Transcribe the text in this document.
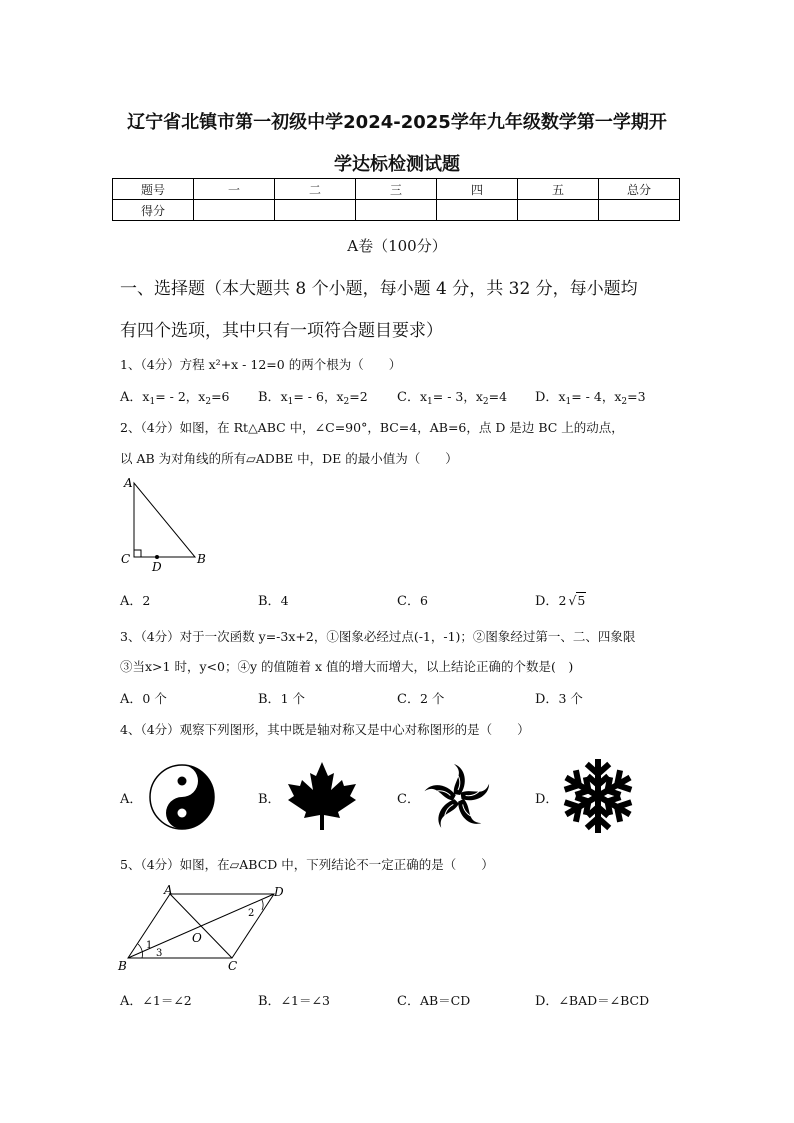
辽宁省北镇市第一初级中学2024-2025学年九年级数学第一学期开
学达标检测试题
题号	一	二	三	四	五	总分
得分						
A卷（100分）
一、选择题（本大题共 8 个小题，每小题 4 分，共 32 分，每小题均
有四个选项，其中只有一项符合题目要求）
1、（4分）方程 x²+x - 12=0 的两个根为（　　）
A．$x_1= - 2$，$x_2=6$ B．$x_1= - 6$，$x_2=2$ C．$x_1= - 3$，$x_2=4$ D．$x_1= - 4$，$x_2=3$
2、（4分）如图，在 Rt△ABC 中，∠C=90°，BC=4，AB=6，点 D 是边 BC 上的动点，
以 AB 为对角线的所有▱ADBE 中，DE 的最小值为（　　）
A
C	B
D
A．2	B．4	C．6	D．2 √5
3、（4分）对于一次函数 y=-3x+2，①图象必经过点(-1，-1)；②图象经过第一、二、四象限
③当x>1 时，y<0；④y 的值随着 x 值的增大而增大，以上结论正确的个数是(　)
A．0 个	B．1 个	C．2 个	D．3 个
4、（4分）观察下列图形，其中既是轴对称又是中心对称图形的是（　　）
A．	B．	C．	D．
5、（4分）如图，在▱ABCD 中，下列结论不一定正确的是（　　）
A	D
B	C
O
1
2
3
A．∠1＝∠2	B．∠1＝∠3	C．AB＝CD	D．∠BAD＝∠BCD
